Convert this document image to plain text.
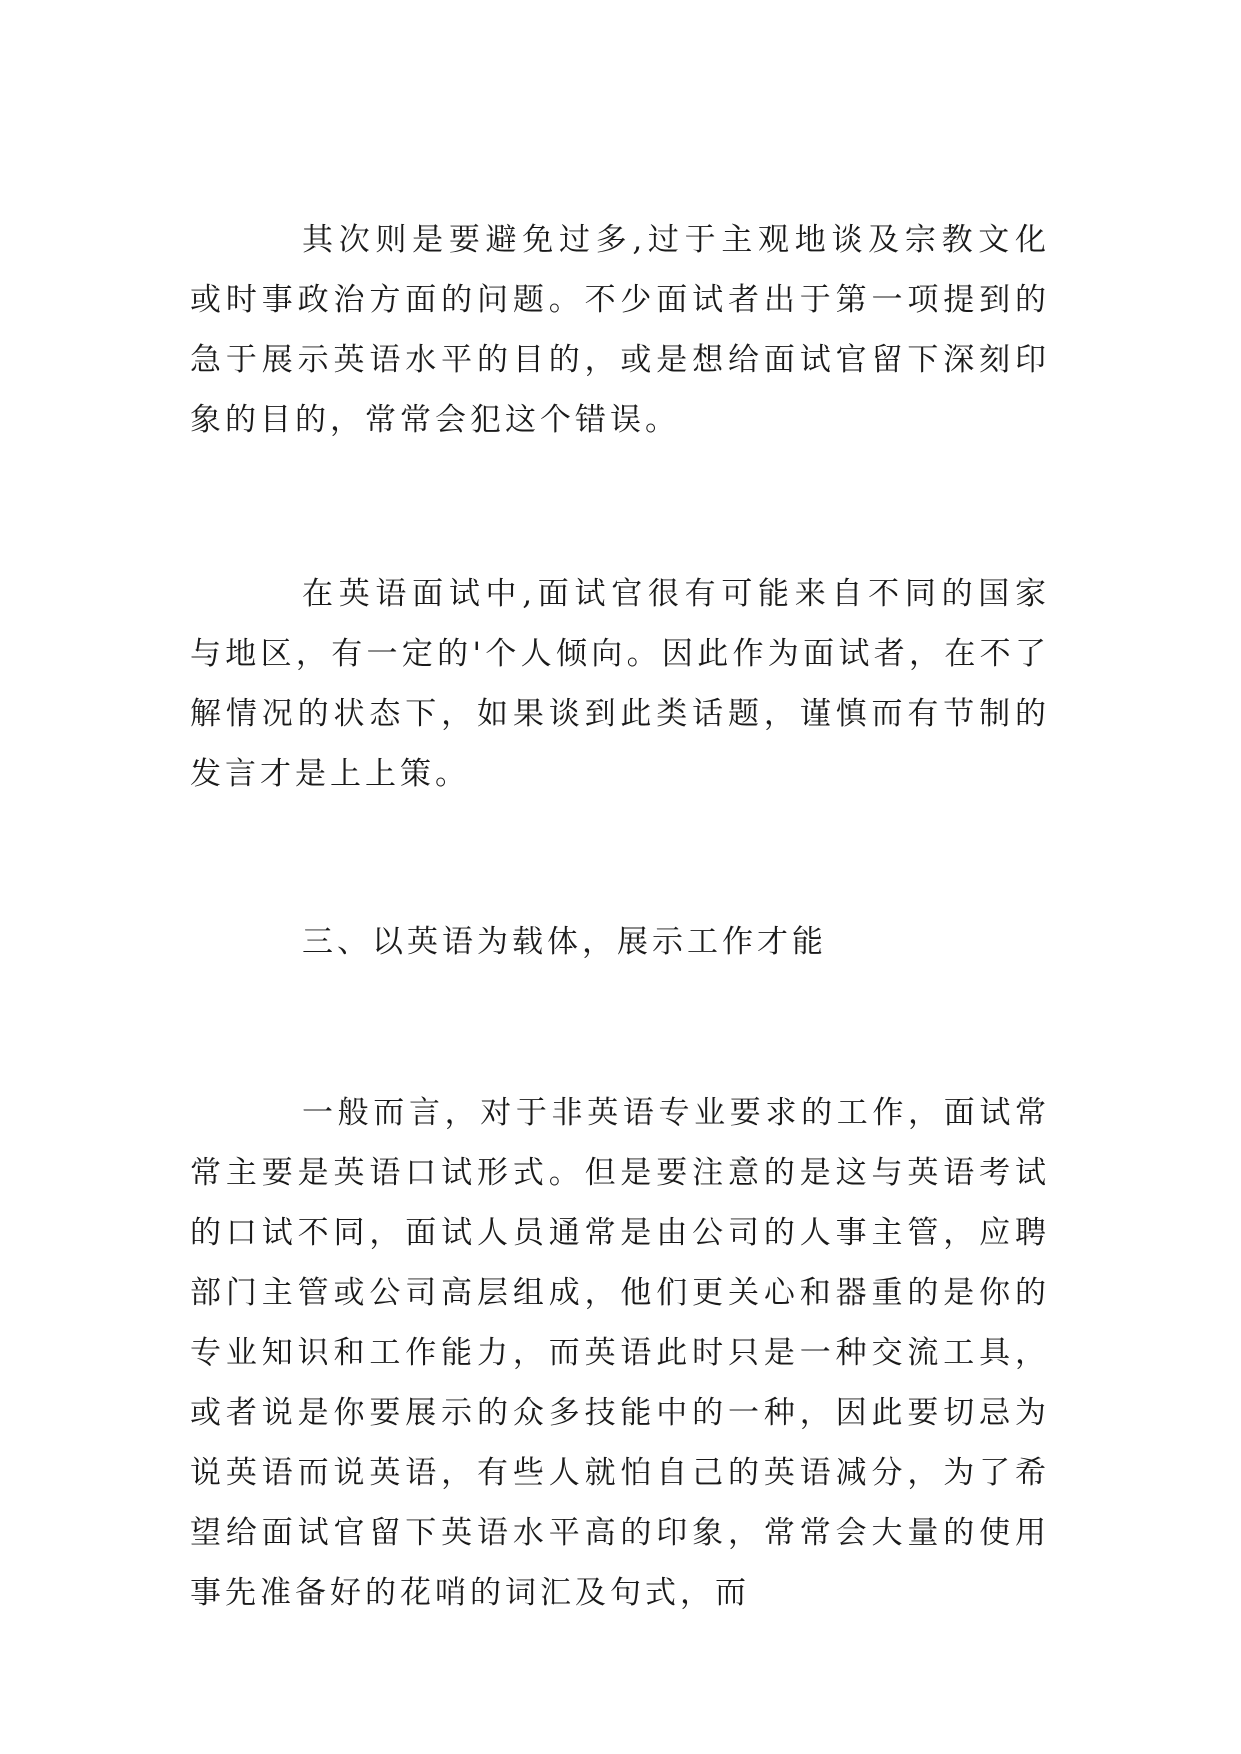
其次则是要避免过多,过于主观地谈及宗教文化或时事政治方面的问题。不少面试者出于第一项提到的急于展示英语水平的目的，或是想给面试官留下深刻印象的目的，常常会犯这个错误。

在英语面试中,面试官很有可能来自不同的国家与地区，有一定的'个人倾向。因此作为面试者，在不了解情况的状态下，如果谈到此类话题，谨慎而有节制的发言才是上上策。

三、以英语为载体，展示工作才能

一般而言，对于非英语专业要求的工作，面试常常主要是英语口试形式。但是要注意的是这与英语考试的口试不同，面试人员通常是由公司的人事主管，应聘部门主管或公司高层组成，他们更关心和器重的是你的专业知识和工作能力，而英语此时只是一种交流工具，或者说是你要展示的众多技能中的一种，因此要切忌为说英语而说英语，有些人就怕自己的英语减分，为了希望给面试官留下英语水平高的印象，常常会大量的使用事先准备好的花哨的词汇及句式，而
